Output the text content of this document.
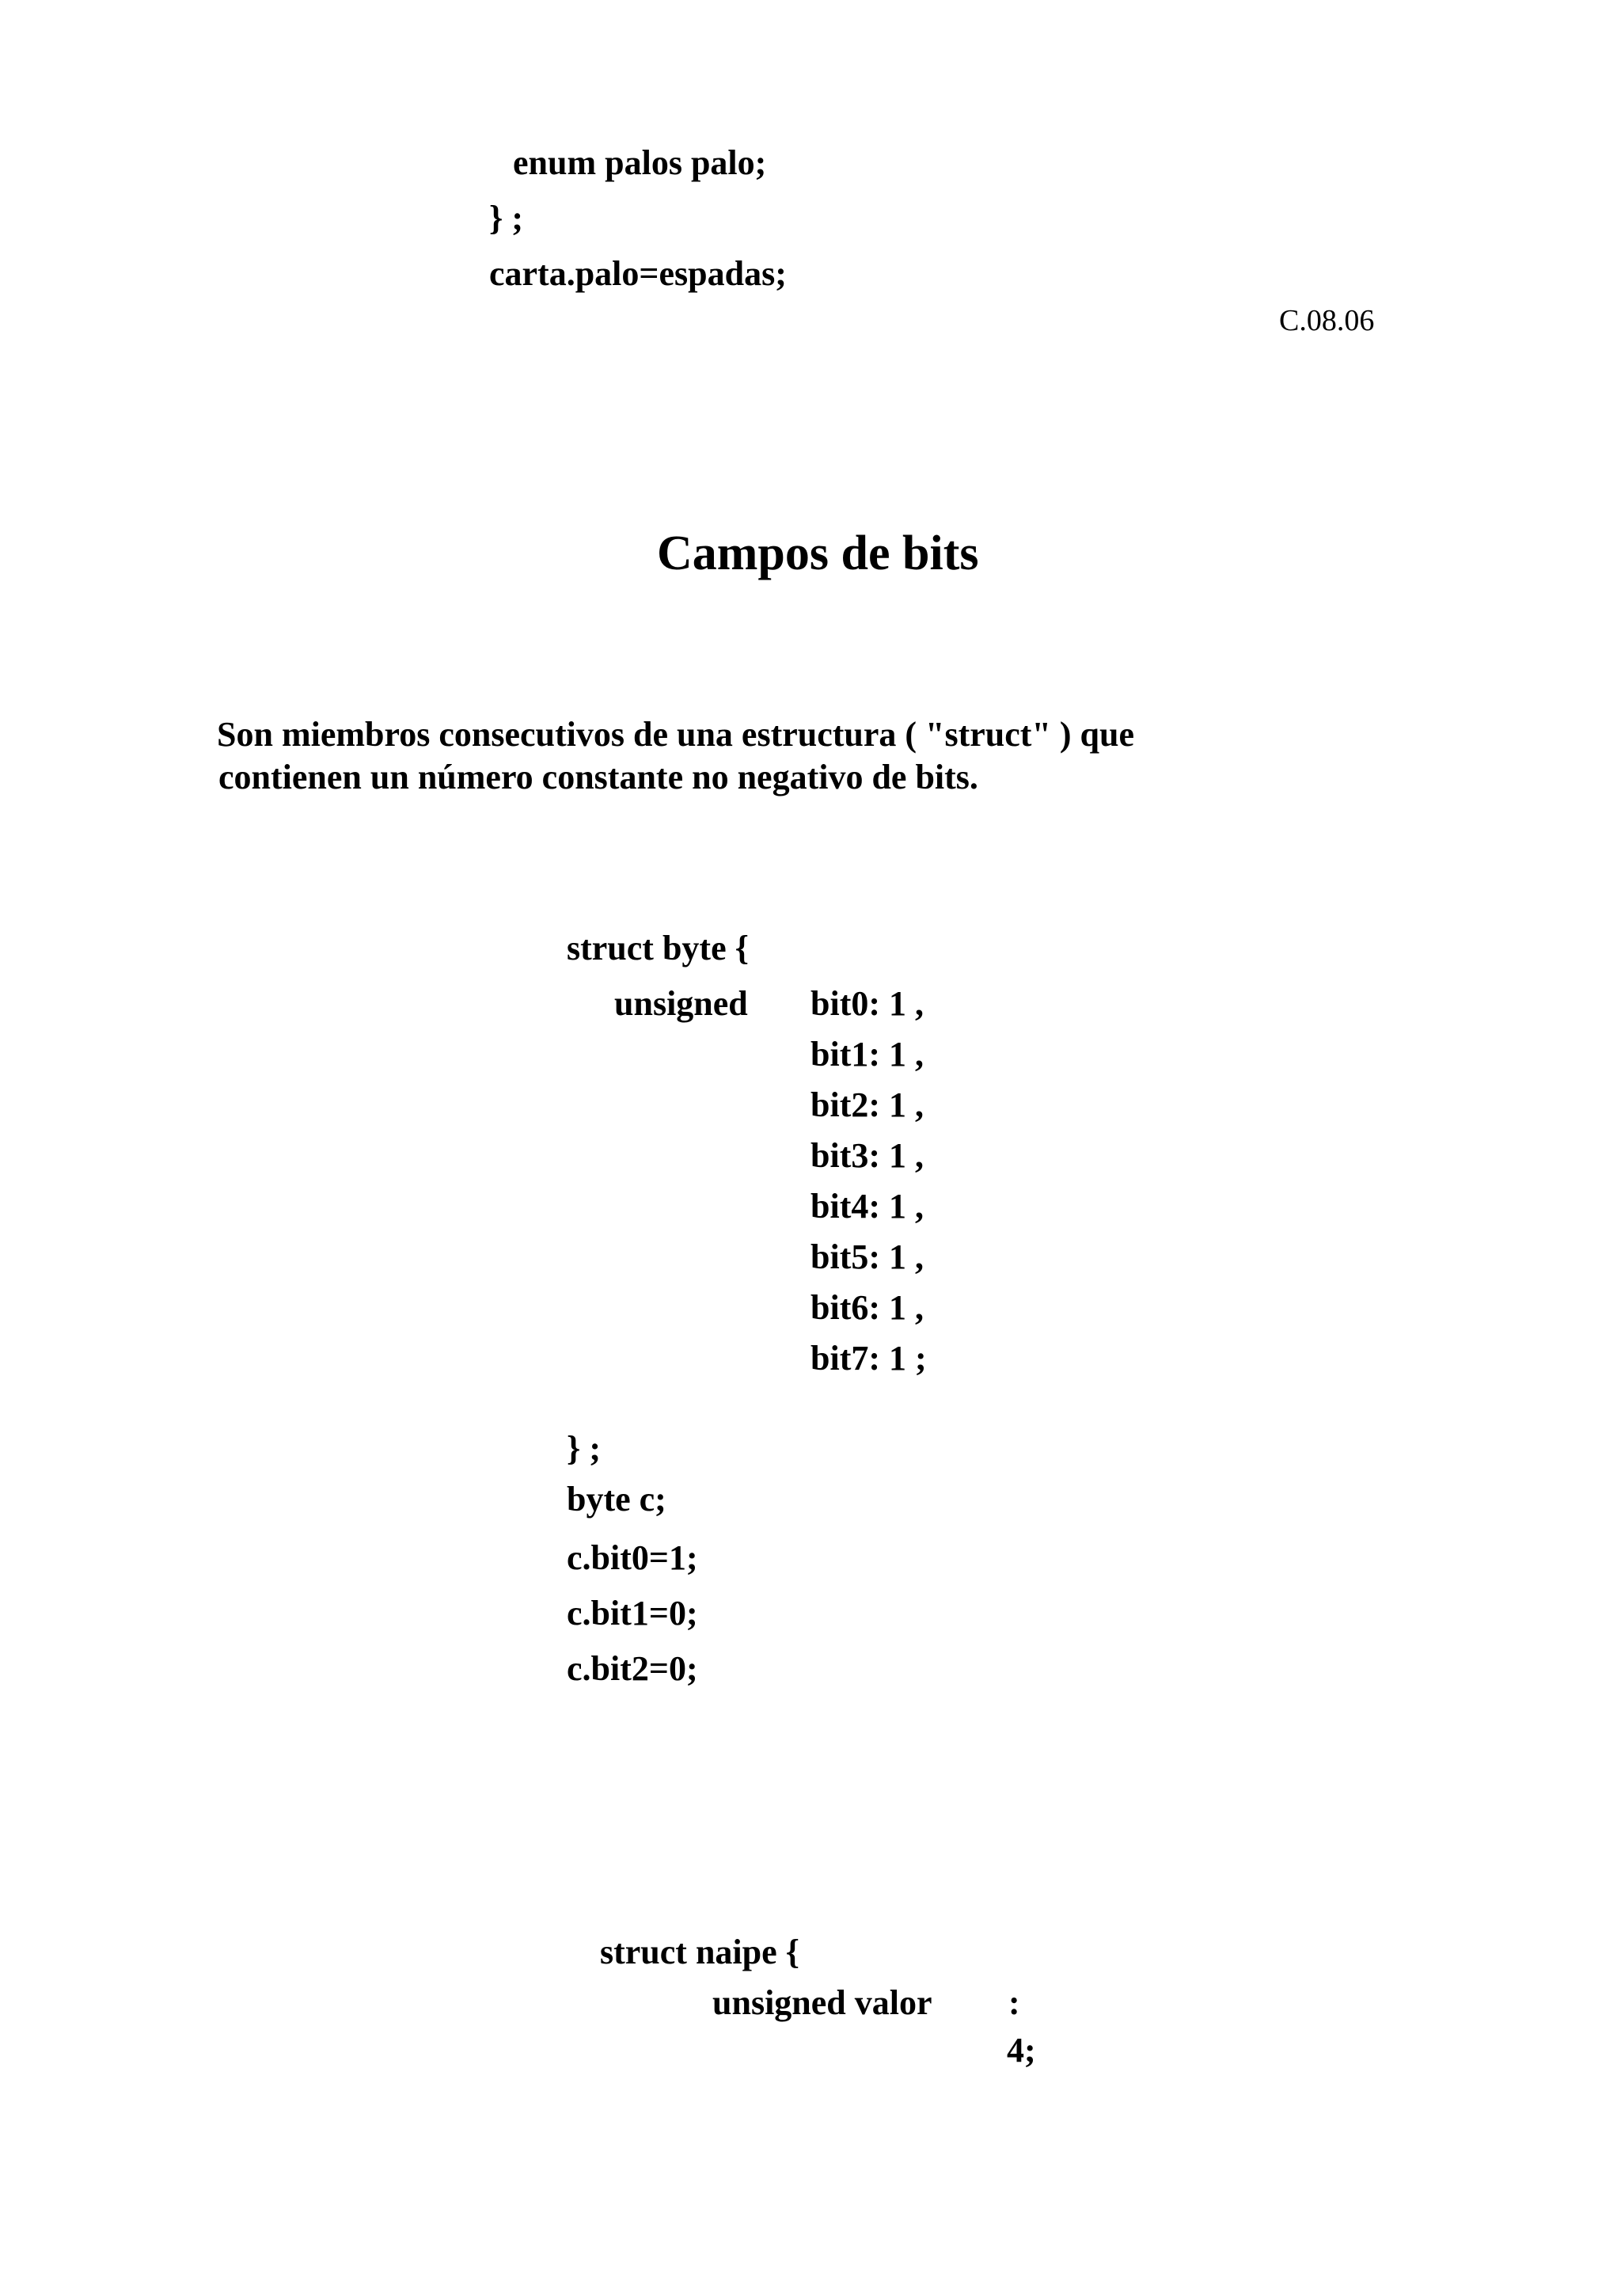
enum palos palo;
} ;
carta.palo=espadas;
C.08.06
Campos de bits
Son miembros consecutivos de una estructura ( "struct" ) que
contienen un número constante no negativo de bits.
struct byte {
unsigned bit0: 1 ,
bit1: 1 ,
bit2: 1 ,
bit3: 1 ,
bit4: 1 ,
bit5: 1 ,
bit6: 1 ,
bit7: 1 ;
} ;
byte c;
c.bit0=1;
c.bit1=0;
c.bit2=0;
struct naipe {
unsigned valor :
4;
